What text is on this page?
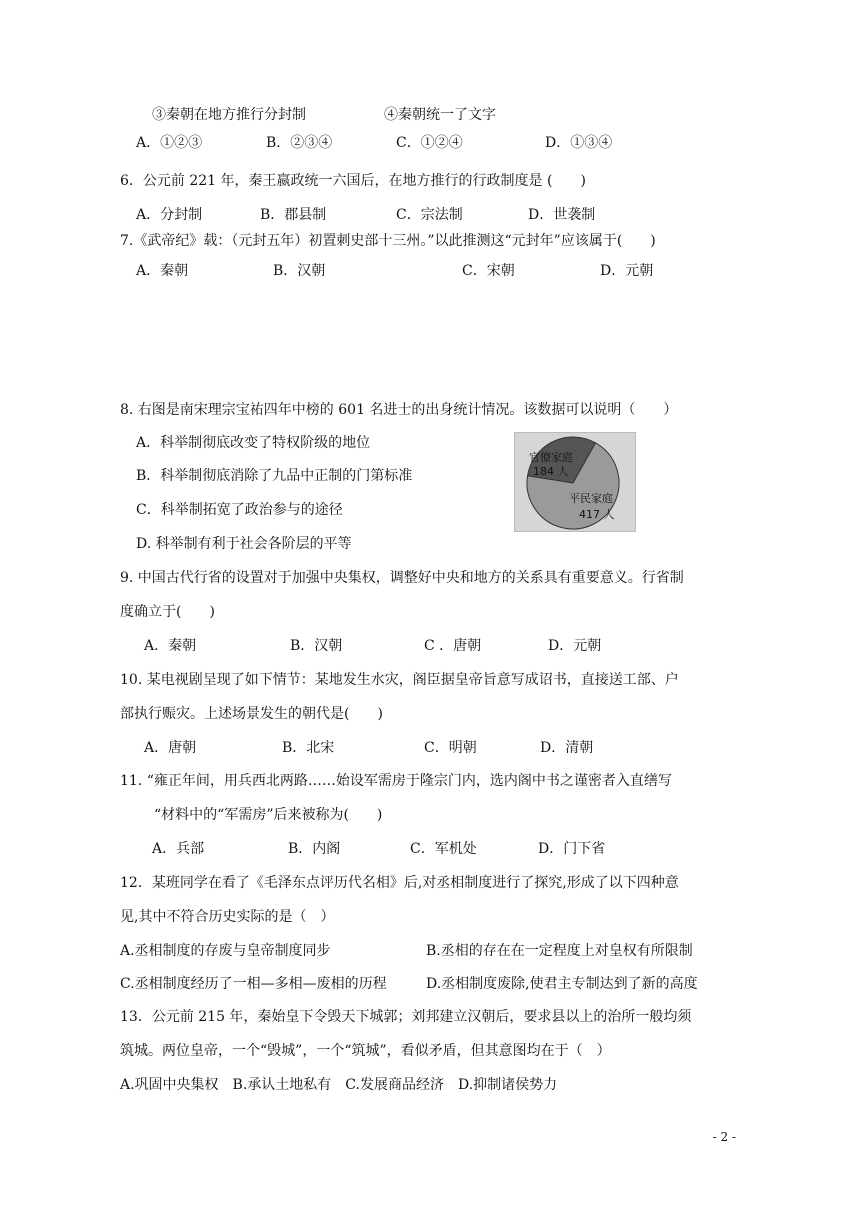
③秦朝在地方推行分封制	④秦朝统一了文字
A．①②③	B．②③④	C．①②④	D．①③④
6．公元前 221 年，秦王嬴政统一六国后，在地方推行的行政制度是 (　　)
A．分封制	B．郡县制	C．宗法制	D．世袭制
7.《武帝纪》载：（元封五年）初置刺史部十三州。”以此推测这“元封年”应该属于(　　)
A．秦朝	B．汉朝	C．宋朝	D．元朝
8. 右图是南宋理宗宝祐四年中榜的 601 名进士的出身统计情况。该数据可以说明（　　）
A．科举制彻底改变了特权阶级的地位
B．科举制彻底消除了九品中正制的门第标准
C．科举制拓宽了政治参与的途径
D. 科举制有利于社会各阶层的平等
官僚家庭
184 人
平民家庭
417 人
9. 中国古代行省的设置对于加强中央集权，调整好中央和地方的关系具有重要意义。行省制
度确立于(　　)
A．秦朝	B．汉朝	C ．唐朝	D．元朝
10. 某电视剧呈现了如下情节：某地发生水灾，阁臣据皇帝旨意写成诏书，直接送工部、户
部执行赈灾。上述场景发生的朝代是(　　)
A．唐朝	B．北宋	C．明朝	D．清朝
11. “雍正年间，用兵西北两路……始设军需房于隆宗门内，选内阁中书之谨密者入直缮写
“材料中的“军需房”后来被称为(　　)
A．兵部	B．内阁	C．军机处	D．门下省
12．某班同学在看了《毛泽东点评历代名相》后,对丞相制度进行了探究,形成了以下四种意
见,其中不符合历史实际的是（　）
A.丞相制度的存废与皇帝制度同步	B.丞相的存在在一定程度上对皇权有所限制
C.丞相制度经历了一相—多相—废相的历程	D.丞相制度废除,使君主专制达到了新的高度
13．公元前 215 年，秦始皇下令毁天下城郭；刘邦建立汉朝后，要求县以上的治所一般均须
筑城。两位皇帝，一个“毁城”，一个“筑城”，看似矛盾，但其意图均在于（　）
A.巩固中央集权　B.承认土地私有　C.发展商品经济　D.抑制诸侯势力
- 2 -
